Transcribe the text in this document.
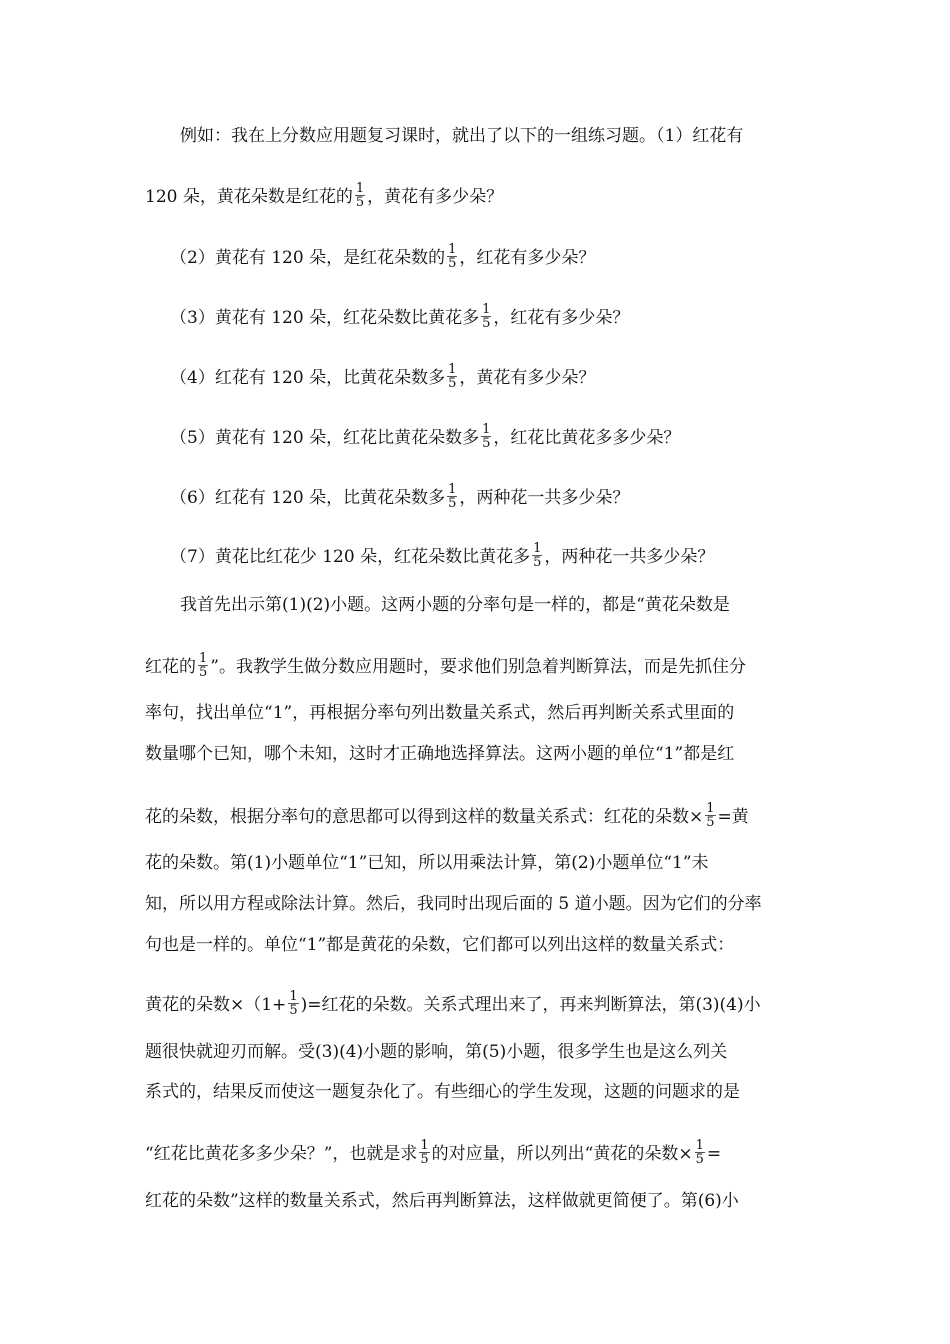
例如：我在上分数应用题复习课时，就出了以下的一组练习题。（1）红花有
120 朵，黄花朵数是红花的 $\frac{1}{5}$ ，黄花有多少朵？
（2）黄花有 120 朵，是红花朵数的 $\frac{1}{5}$ ，红花有多少朵？
（3）黄花有 120 朵，红花朵数比黄花多 $\frac{1}{5}$ ，红花有多少朵？
（4）红花有 120 朵，比黄花朵数多 $\frac{1}{5}$ ，黄花有多少朵？
（5）黄花有 120 朵，红花比黄花朵数多 $\frac{1}{5}$ ，红花比黄花多多少朵？
（6）红花有 120 朵，比黄花朵数多 $\frac{1}{5}$ ，两种花一共多少朵？
（7）黄花比红花少 120 朵，红花朵数比黄花多 $\frac{1}{5}$ ，两种花一共多少朵？
我首先出示第(1)(2)小题。这两小题的分率句是一样的，都是“黄花朵数是
红花的 $\frac{1}{5}$ ”。我教学生做分数应用题时，要求他们别急着判断算法，而是先抓住分
率句，找出单位“1”，再根据分率句列出数量关系式，然后再判断关系式里面的
数量哪个已知，哪个未知，这时才正确地选择算法。这两小题的单位“1”都是红
花的朵数，根据分率句的意思都可以得到这样的数量关系式：红花的朵数× $\frac{1}{5}$ =黄
花的朵数。第(1)小题单位“1”已知，所以用乘法计算，第(2)小题单位“1”未
知，所以用方程或除法计算。然后，我同时出现后面的 5 道小题。因为它们的分率
句也是一样的。单位“1”都是黄花的朵数，它们都可以列出这样的数量关系式：
黄花的朵数$\times(1+ \frac{1}{5}$ )=红花的朵数。关系式理出来了，再来判断算法，第(3)(4)小
题很快就迎刃而解。受(3)(4)小题的影响，第(5)小题，很多学生也是这么列关
系式的，结果反而使这一题复杂化了。有些细心的学生发现，这题的问题求的是
“红花比黄花多多少朵？”，也就是求 $\frac{1}{5}$ 的对应量，所以列出“黄花的朵数× $\frac{1}{5}$ =
红花的朵数”这样的数量关系式，然后再判断算法，这样做就更简便了。第(6)小
